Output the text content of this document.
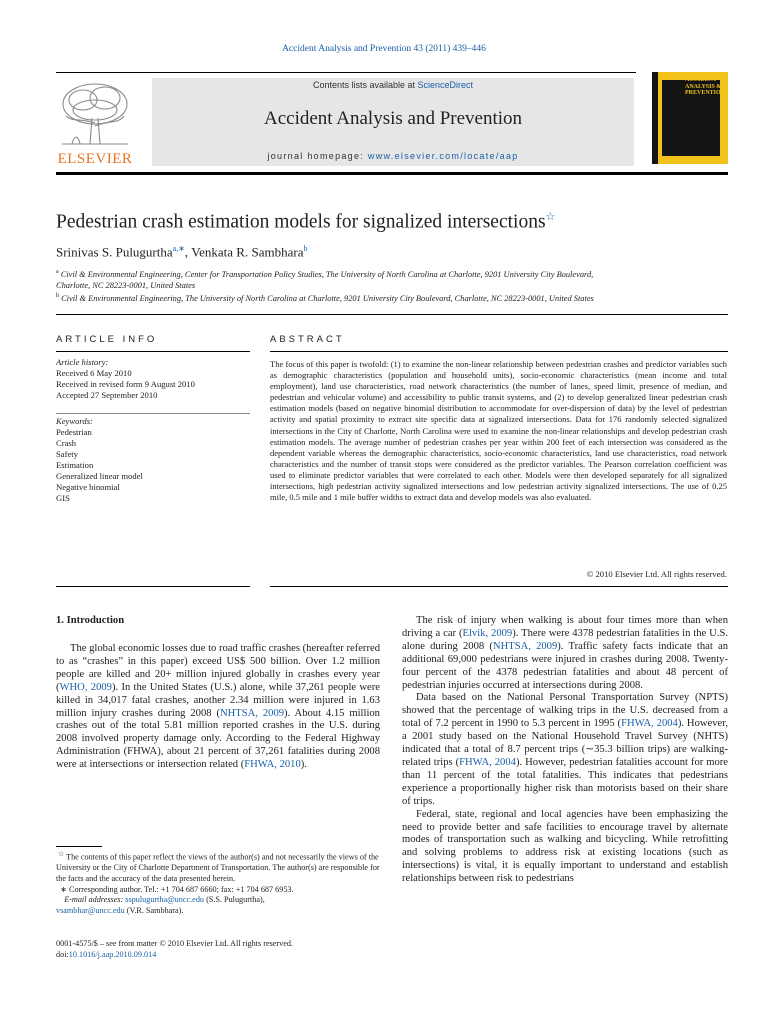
Accident Analysis and Prevention 43 (2011) 439–446
ELSEVIER
Contents lists available at ScienceDirect
Accident Analysis and Prevention
journal homepage: www.elsevier.com/locate/aap
ACCIDENT ANALYSIS & PREVENTION
Pedestrian crash estimation models for signalized intersections☆
Srinivas S. Pulugurtha$^{a,∗}$, Venkata R. Sambhara$^b$
$^a$ Civil & Environmental Engineering, Center for Transportation Policy Studies, The University of North Carolina at Charlotte, 9201 University City Boulevard,
Charlotte, NC 28223-0001, United States
$^b$ Civil & Environmental Engineering, The University of North Carolina at Charlotte, 9201 University City Boulevard, Charlotte, NC 28223-0001, United States
ARTICLE INFO
Article history:
Received 6 May 2010
Received in revised form 9 August 2010
Accepted 27 September 2010
Keywords:
Pedestrian
Crash
Safety
Estimation
Generalized linear model
Negative binomial
GIS
ABSTRACT
The focus of this paper is twofold: (1) to examine the non-linear relationship between pedestrian crashes and predictor variables such as demographic characteristics (population and household units), socio-economic characteristics (mean income and total employment), land use characteristics, road network characteristics (the number of lanes, speed limit, presence of median, and pedestrian and vehicular volume) and accessibility to public transit systems, and (2) to develop generalized linear pedestrian crash estimation models (based on negative binomial distribution to accommodate for over-dispersion of data) by the level of pedestrian activity and spatial proximity to extract site specific data at signalized intersections. Data for 176 randomly selected signalized intersections in the City of Charlotte, North Carolina were used to examine the non-linear relationships and develop pedestrian crash estimation models. The average number of pedestrian crashes per year within 200 feet of each intersection was considered as the dependent variable whereas the demographic characteristics, socio-economic characteristics, land use characteristics, road network characteristics and the number of transit stops were considered as the predictor variables. The Pearson correlation coefficient was used to eliminate predictor variables that were correlated to each other. Models were then developed separately for all signalized intersections, high pedestrian activity signalized intersections and low pedestrian activity signalized intersections. The use of 0.25 mile, 0.5 mile and 1 mile buffer widths to extract data and develop models was also evaluated.
© 2010 Elsevier Ltd. All rights reserved.
1. Introduction

The global economic losses due to road traffic crashes (hereafter referred to as “crashes” in this paper) exceed US$ 500 billion. Over 1.2 million people are killed and 20+ million injured globally in crashes every year (WHO, 2009). In the United States (U.S.) alone, while 37,261 people were killed in 34,017 fatal crashes, another 2.34 million were injured in 1.63 million injury crashes during 2008 (NHTSA, 2009). About 4.15 million crashes out of the total 5.81 million reported crashes in the U.S. during 2008 involved property damage only. According to the Federal Highway Administration (FHWA), about 21 percent of 37,261 fatalities during 2008 were at intersections or intersection related (FHWA, 2010).

The risk of injury when walking is about four times more than when driving a car (Elvik, 2009). There were 4378 pedestrian fatalities in the U.S. alone during 2008 (NHTSA, 2009). Traffic safety facts indicate that an additional 69,000 pedestrians were injured in crashes during 2008. Twenty-four percent of the 4378 pedestrian fatalities and about 48 percent of pedestrian injuries occurred at intersections during 2008.

Data based on the National Personal Transportation Survey (NPTS) showed that the percentage of walking trips in the U.S. decreased from a total of 7.2 percent in 1990 to 5.3 percent in 1995 (FHWA, 2004). However, a 2001 study based on the National Household Travel Survey (NHTS) indicated that a total of 8.7 percent trips (∼35.3 billion trips) are walking-related trips (FHWA, 2004). However, pedestrian fatalities account for more than 11 percent of the total fatalities. This indicates that pedestrians experience a proportionally higher risk than motorists based on their share of trips.

Federal, state, regional and local agencies have been emphasizing the need to provide better and safe facilities to encourage travel by alternate modes of transportation such as walking and bicycling. While retrofitting and solving problems to address risk at existing locations (such as intersections) is vital, it is equally important to understand and establish relationships between risk to pedestrians

☆ The contents of this paper reflect the views of the author(s) and not necessarily the views of the University or the City of Charlotte Department of Transportation. The author(s) are responsible for the facts and the accuracy of the data presented herein.
∗ Corresponding author. Tel.: +1 704 687 6660; fax: +1 704 687 6953.
E-mail addresses: sspulugurtha@uncc.edu (S.S. Pulugurtha),
vsambhar@uncc.edu (V.R. Sambhara).
0001-4575/$ – see front matter © 2010 Elsevier Ltd. All rights reserved.
doi:10.1016/j.aap.2010.09.014
